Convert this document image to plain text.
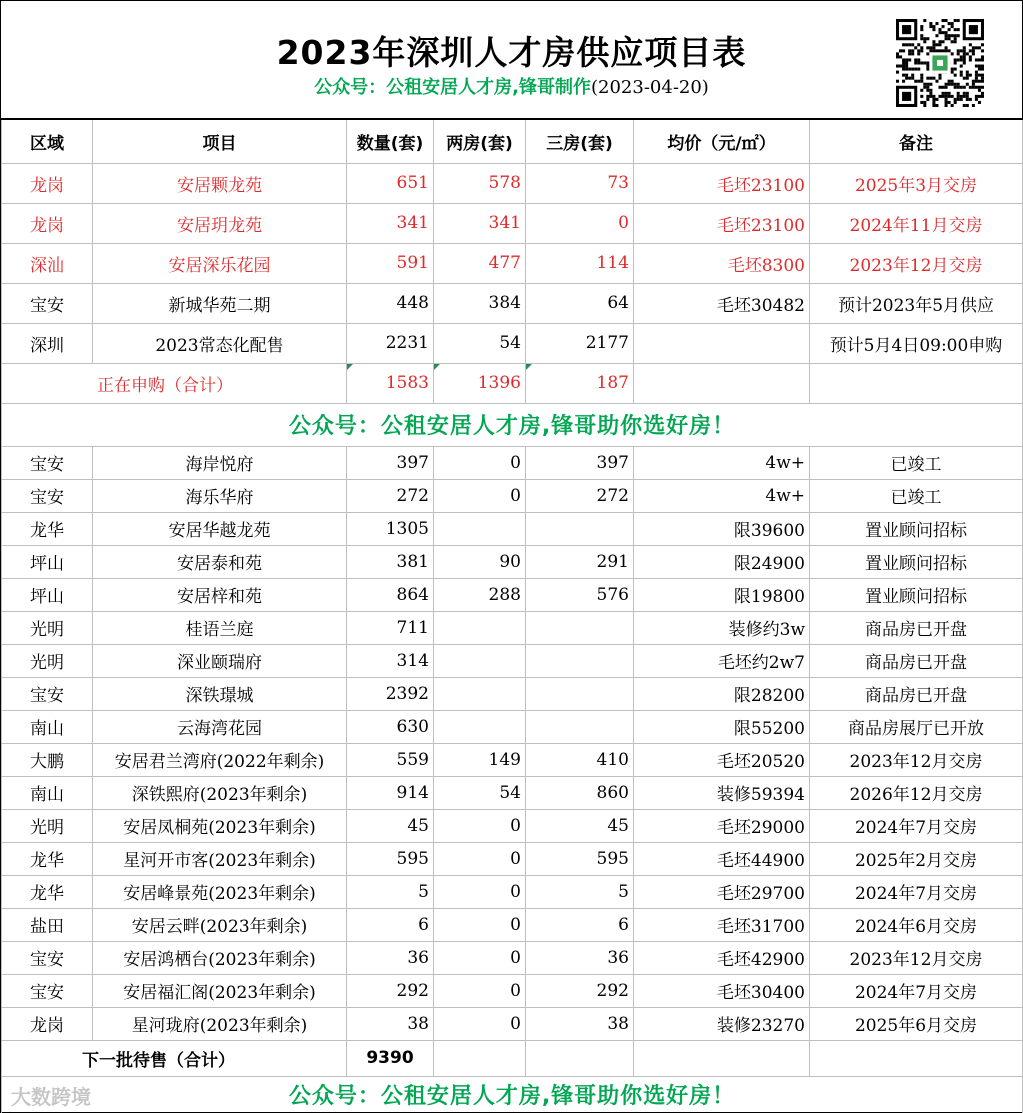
2023年深圳人才房供应项目表
公众号：公租安居人才房,锋哥制作(2023-04-20)
区域	项目	数量(套)	两房(套)	三房(套)	均价（元/㎡）	备注
龙岗	安居颗龙苑	651	578	73	毛坯23100	2025年3月交房
龙岗	安居玥龙苑	341	341	0	毛坯23100	2024年11月交房
深汕	安居深乐花园	591	477	114	毛坯8300	2023年12月交房
宝安	新城华苑二期	448	384	64	毛坯30482	预计2023年5月供应
深圳	2023常态化配售	2231	54	2177		预计5月4日09:00申购
正在申购（合计）		1583	1396	187		
公众号：公租安居人才房,锋哥助你选好房！						
宝安	海岸悦府	397	0	397	4w+	已竣工
宝安	海乐华府	272	0	272	4w+	已竣工
龙华	安居华越龙苑	1305			限39600	置业顾问招标
坪山	安居泰和苑	381	90	291	限24900	置业顾问招标
坪山	安居梓和苑	864	288	576	限19800	置业顾问招标
光明	桂语兰庭	711			装修约3w	商品房已开盘
光明	深业颐瑞府	314			毛坯约2w7	商品房已开盘
宝安	深铁璟城	2392			限28200	商品房已开盘
南山	云海湾花园	630			限55200	商品房展厅已开放
大鹏	安居君兰湾府(2022年剩余)	559	149	410	毛坯20520	2023年12月交房
南山	深铁熙府(2023年剩余)	914	54	860	装修59394	2026年12月交房
光明	安居凤桐苑(2023年剩余)	45	0	45	毛坯29000	2024年7月交房
龙华	星河开市客(2023年剩余)	595	0	595	毛坯44900	2025年2月交房
龙华	安居峰景苑(2023年剩余)	5	0	5	毛坯29700	2024年7月交房
盐田	安居云畔(2023年剩余)	6	0	6	毛坯31700	2024年6月交房
宝安	安居鸿栖台(2023年剩余)	36	0	36	毛坯42900	2023年12月交房
宝安	安居福汇阁(2023年剩余)	292	0	292	毛坯30400	2024年7月交房
龙岗	星河珑府(2023年剩余)	38	0	38	装修23270	2025年6月交房
下一批待售（合计）		9390				
公众号：公租安居人才房,锋哥助你选好房！						
大数跨境
